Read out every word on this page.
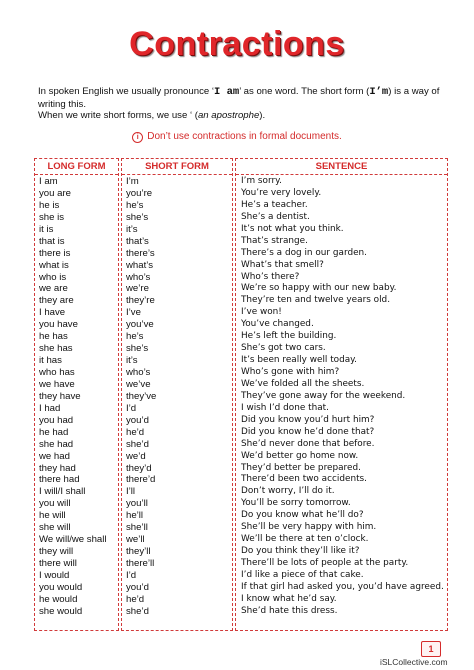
Contractions

In spoken English we usually pronounce ‘I am’ as one word. The short form (I’m) is a way of writing this.

When we write short forms, we use ‘ (an apostrophe).

i Don’t use contractions in formal documents.
LONG FORM
I am
you are
he is
she is
it is
that is
there is
what is
who is
we are
they are
I have
you have
he has
she has
it has
who has
we have
they have
I had
you had
he had
she had
we had
they had
there had
I will/I shall
you will
he will
she will
We will/we shall
they will
there will
I would
you would
he would
she would
SHORT FORM
I’m
you’re
he’s
she’s
it’s
that’s
there’s
what’s
who’s
we’re
they’re
I’ve
you’ve
he’s
she’s
it’s
who’s
we’ve
they’ve
I’d
you’d
he’d
she’d
we’d
they’d
there’d
I’ll
you’ll
he’ll
she’ll
we’ll
they’ll
there’ll
I’d
you’d
he’d
she’d
SENTENCE
I’m sorry.
You’re very lovely.
He’s a teacher.
She’s a dentist.
It’s not what you think.
That’s strange.
There’s a dog in our garden.
What’s that smell?
Who’s there?
We’re so happy with our new baby.
They’re ten and twelve years old.
I’ve won!
You’ve changed.
He’s left the building.
She’s got two cars.
It’s been really well today.
Who’s gone with him?
We’ve folded all the sheets.
They’ve gone away for the weekend.
I wish I’d done that.
Did you know you’d hurt him?
Did you know he’d done that?
She’d never done that before.
We’d better go home now.
They’d better be prepared.
There’d been two accidents.
Don’t worry, I’ll do it.
You’ll be sorry tomorrow.
Do you know what he’ll do?
She’ll be very happy with him.
We’ll be there at ten o’clock.
Do you think they’ll like it?
There’ll be lots of people at the party.
I’d like a piece of that cake.
If that girl had asked you, you’d have agreed.
I know what he’d say.
She’d hate this dress.
1
iSLCollective.com
